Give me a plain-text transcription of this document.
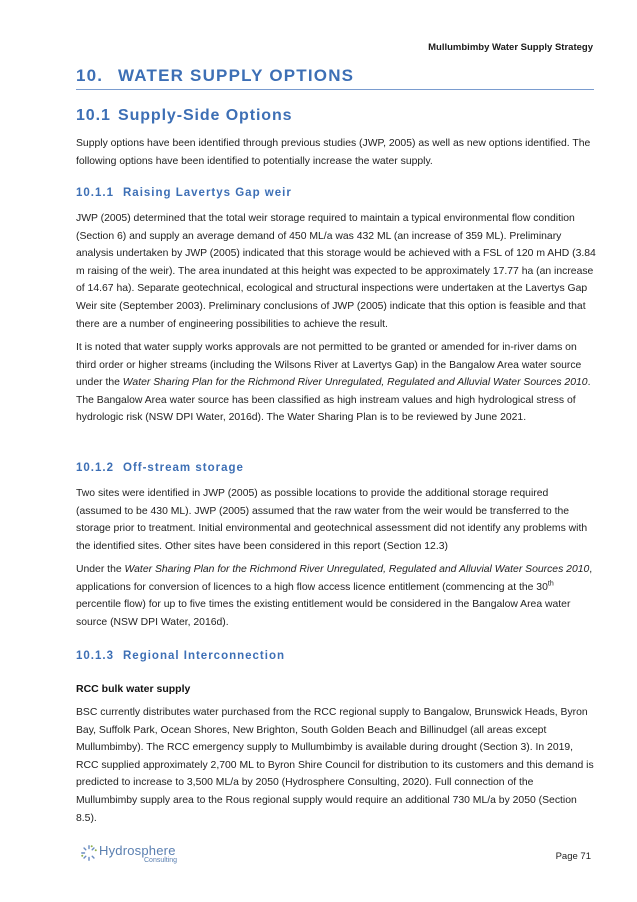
Mullumbimby Water Supply Strategy
10. WATER SUPPLY OPTIONS
10.1 Supply-Side Options
Supply options have been identified through previous studies (JWP, 2005) as well as new options identified. The following options have been identified to potentially increase the water supply.
10.1.1 Raising Lavertys Gap weir
JWP (2005) determined that the total weir storage required to maintain a typical environmental flow condition (Section 6) and supply an average demand of 450 ML/a was 432 ML (an increase of 359 ML). Preliminary analysis undertaken by JWP (2005) indicated that this storage would be achieved with a FSL of 120 m AHD (3.84 m raising of the weir). The area inundated at this height was expected to be approximately 17.77 ha (an increase of 14.67 ha). Separate geotechnical, ecological and structural inspections were undertaken at the Lavertys Gap Weir site (September 2003). Preliminary conclusions of JWP (2005) indicate that this option is feasible and that there are a number of engineering possibilities to achieve the result.
It is noted that water supply works approvals are not permitted to be granted or amended for in-river dams on third order or higher streams (including the Wilsons River at Lavertys Gap) in the Bangalow Area water source under the Water Sharing Plan for the Richmond River Unregulated, Regulated and Alluvial Water Sources 2010. The Bangalow Area water source has been classified as high instream values and high hydrological stress of hydrologic risk (NSW DPI Water, 2016d). The Water Sharing Plan is to be reviewed by June 2021.
10.1.2 Off-stream storage
Two sites were identified in JWP (2005) as possible locations to provide the additional storage required (assumed to be 430 ML). JWP (2005) assumed that the raw water from the weir would be transferred to the storage prior to treatment. Initial environmental and geotechnical assessment did not identify any problems with the identified sites. Other sites have been considered in this report (Section 12.3)
Under the Water Sharing Plan for the Richmond River Unregulated, Regulated and Alluvial Water Sources 2010, applications for conversion of licences to a high flow access licence entitlement (commencing at the 30th percentile flow) for up to five times the existing entitlement would be considered in the Bangalow Area water source (NSW DPI Water, 2016d).
10.1.3 Regional Interconnection
RCC bulk water supply
BSC currently distributes water purchased from the RCC regional supply to Bangalow, Brunswick Heads, Byron Bay, Suffolk Park, Ocean Shores, New Brighton, South Golden Beach and Billinudgel (all areas except Mullumbimby). The RCC emergency supply to Mullumbimby is available during drought (Section 3). In 2019, RCC supplied approximately 2,700 ML to Byron Shire Council for distribution to its customers and this demand is predicted to increase to 3,500 ML/a by 2050 (Hydrosphere Consulting, 2020). Full connection of the Mullumbimby supply area to the Rous regional supply would require an additional 730 ML/a by 2050 (Section 8.5).
Hydrosphere
Consulting	Page 71
